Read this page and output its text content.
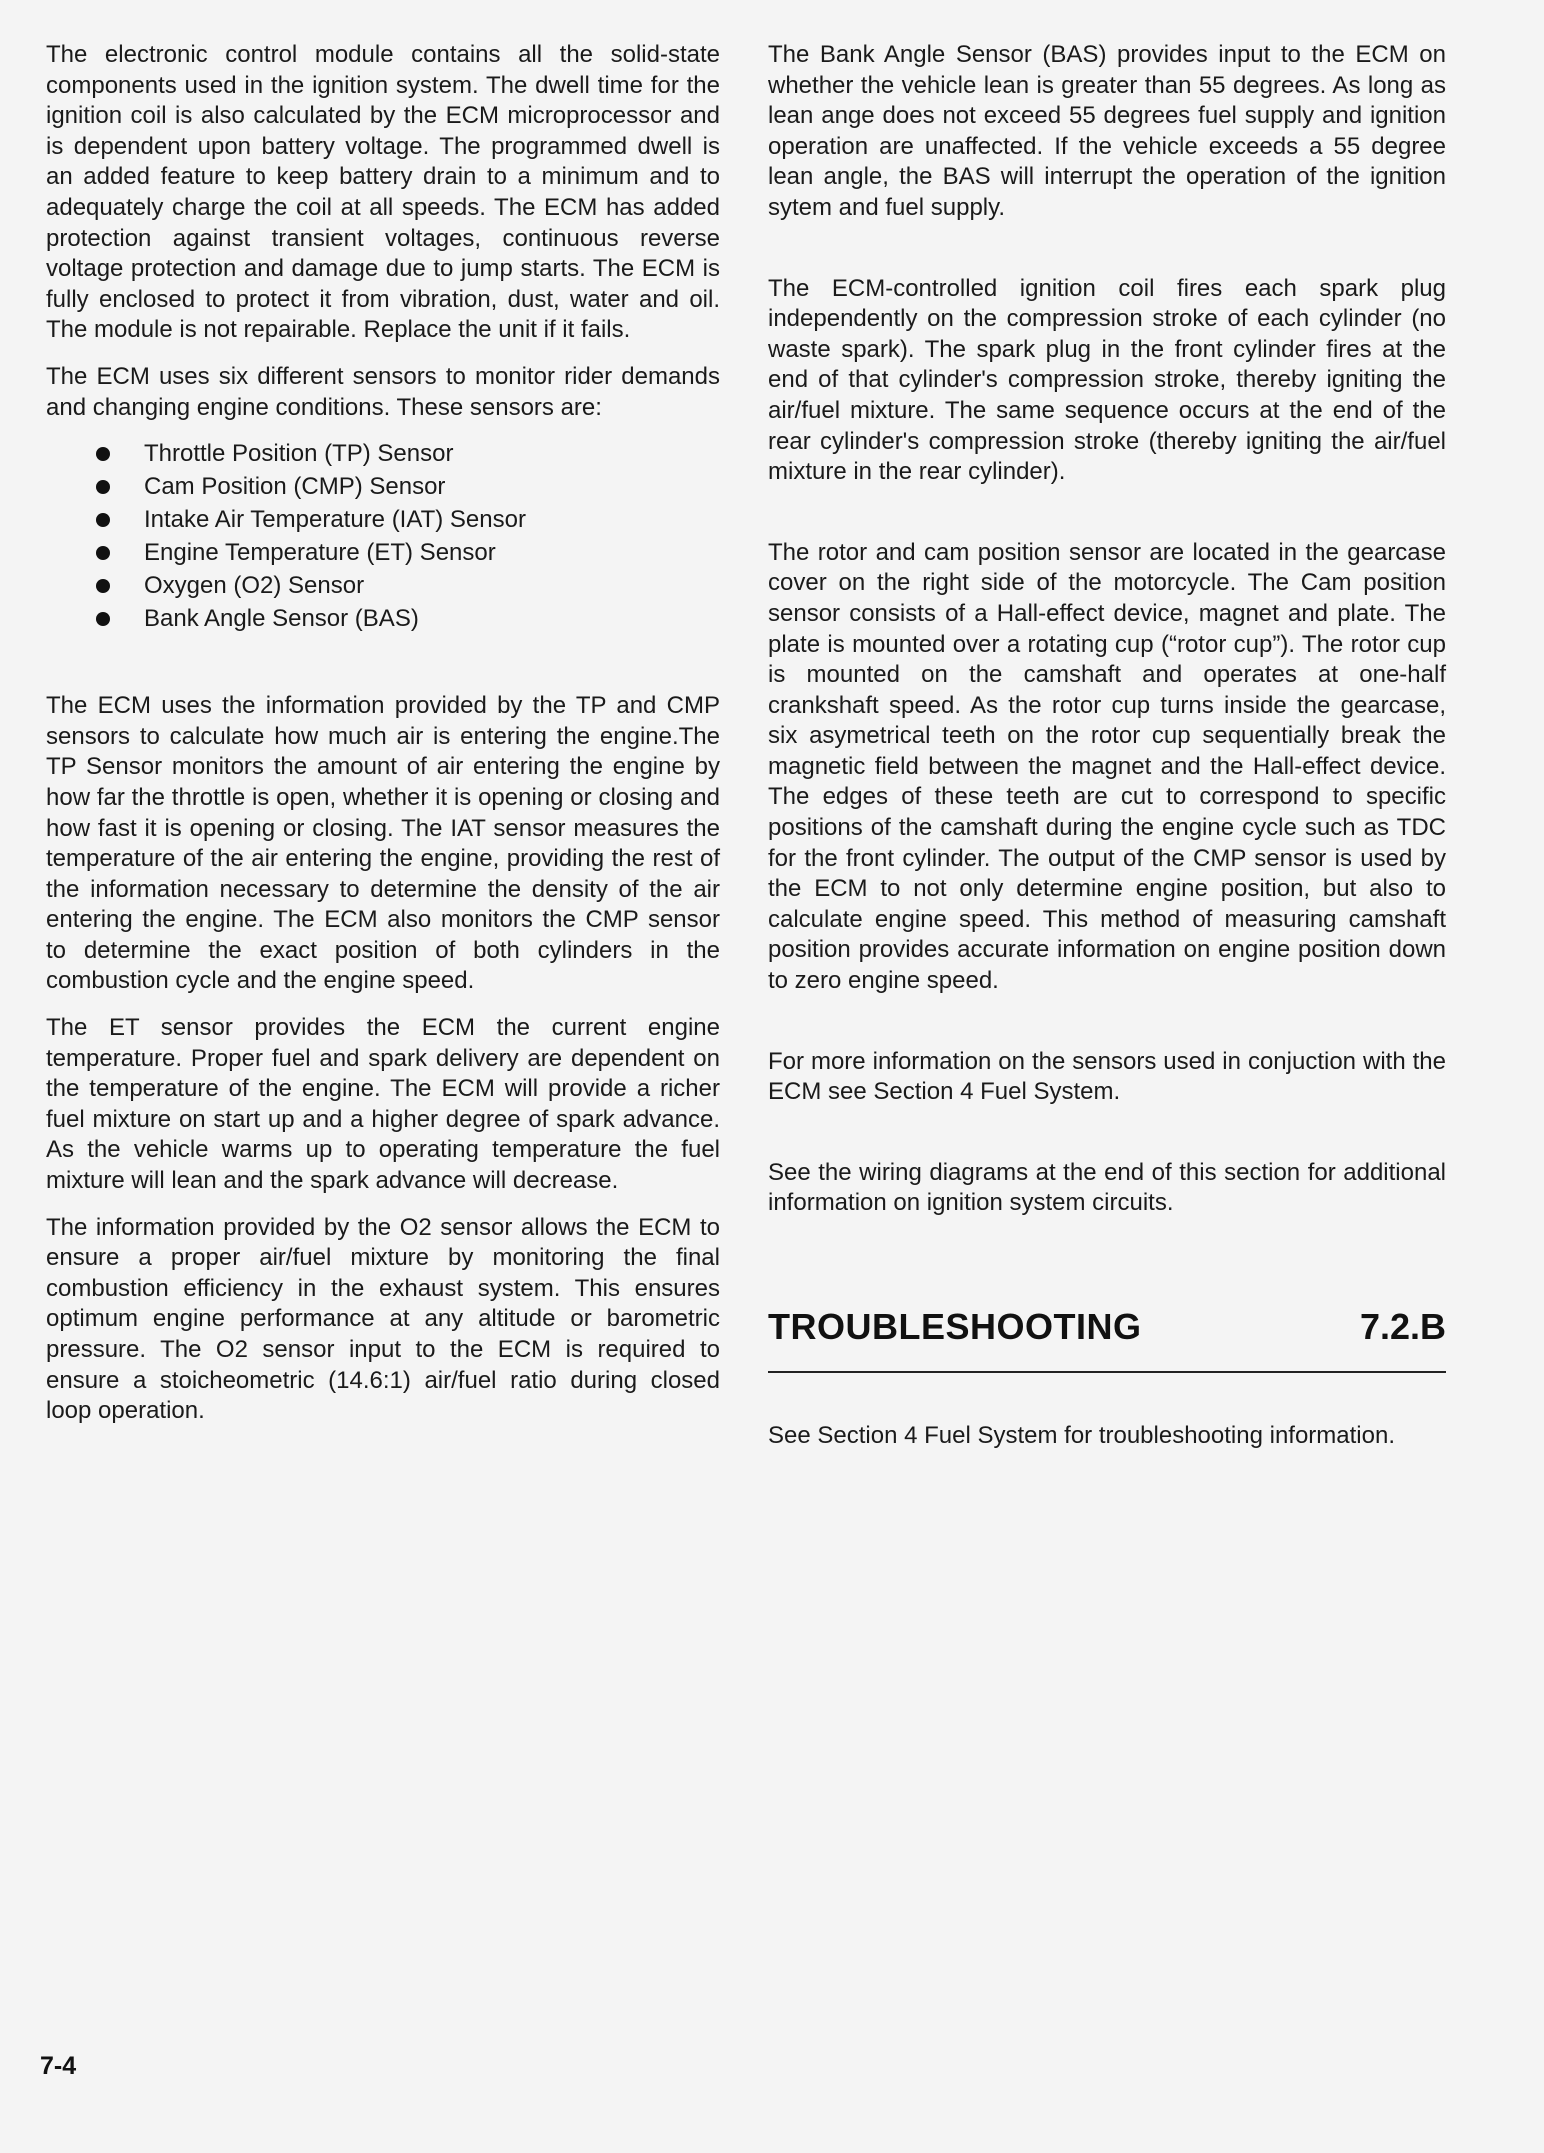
The electronic control module contains all the solid-state components used in the ignition system. The dwell time for the ignition coil is also calculated by the ECM microprocessor and is dependent upon battery voltage. The programmed dwell is an added feature to keep battery drain to a minimum and to adequately charge the coil at all speeds. The ECM has added protection against transient voltages, continuous reverse voltage protection and damage due to jump starts. The ECM is fully enclosed to protect it from vibration, dust, water and oil. The module is not repairable. Replace the unit if it fails.

The ECM uses six different sensors to monitor rider demands and changing engine conditions. These sensors are:

Throttle Position (TP) Sensor
Cam Position (CMP) Sensor
Intake Air Temperature (IAT) Sensor
Engine Temperature (ET) Sensor
Oxygen (O2) Sensor
Bank Angle Sensor (BAS)

The ECM uses the information provided by the TP and CMP sensors to calculate how much air is entering the engine.The TP Sensor monitors the amount of air entering the engine by how far the throttle is open, whether it is opening or closing and how fast it is opening or closing. The IAT sensor measures the temperature of the air entering the engine, providing the rest of the information necessary to determine the density of the air entering the engine. The ECM also monitors the CMP sensor to determine the exact position of both cylinders in the combustion cycle and the engine speed.

The ET sensor provides the ECM the current engine temperature. Proper fuel and spark delivery are dependent on the temperature of the engine. The ECM will provide a richer fuel mixture on start up and a higher degree of spark advance. As the vehicle warms up to operating temperature the fuel mixture will lean and the spark advance will decrease.

The information provided by the O2 sensor allows the ECM to ensure a proper air/fuel mixture by monitoring the final combustion efficiency in the exhaust system. This ensures optimum engine performance at any altitude or barometric pressure. The O2 sensor input to the ECM is required to ensure a stoicheometric (14.6:1) air/fuel ratio during closed loop operation.

The Bank Angle Sensor (BAS) provides input to the ECM on whether the vehicle lean is greater than 55 degrees. As long as lean ange does not exceed 55 degrees fuel supply and ignition operation are unaffected. If the vehicle exceeds a 55 degree lean angle, the BAS will interrupt the operation of the ignition sytem and fuel supply.

The ECM-controlled ignition coil fires each spark plug independently on the compression stroke of each cylinder (no waste spark). The spark plug in the front cylinder fires at the end of that cylinder's compression stroke, thereby igniting the air/fuel mixture. The same sequence occurs at the end of the rear cylinder's compression stroke (thereby igniting the air/fuel mixture in the rear cylinder).

The rotor and cam position sensor are located in the gearcase cover on the right side of the motorcycle. The Cam position sensor consists of a Hall-effect device, magnet and plate. The plate is mounted over a rotating cup (“rotor cup”). The rotor cup is mounted on the camshaft and operates at one-half crankshaft speed. As the rotor cup turns inside the gearcase, six asymetrical teeth on the rotor cup sequentially break the magnetic field between the magnet and the Hall-effect device. The edges of these teeth are cut to correspond to specific positions of the camshaft during the engine cycle such as TDC for the front cylinder. The output of the CMP sensor is used by the ECM to not only determine engine position, but also to calculate engine speed. This method of measuring camshaft position provides accurate information on engine position down to zero engine speed.

For more information on the sensors used in conjuction with the ECM see Section 4 Fuel System.

See the wiring diagrams at the end of this section for additional information on ignition system circuits.

TROUBLESHOOTING	7.2.B

See Section 4 Fuel System for troubleshooting information.

7-4
